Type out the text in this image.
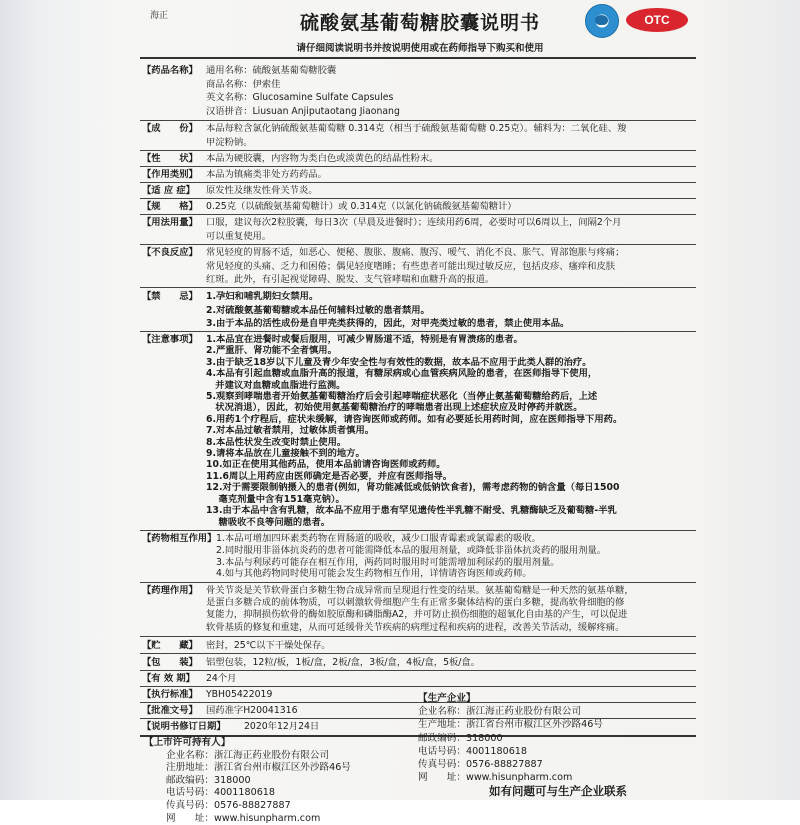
海正	硫酸氨基葡萄糖胶囊说明书	OTC
请仔细阅读说明书并按说明使用或在药师指导下购买和使用
【药品名称】 通用名称：硫酸氨基葡萄糖胶囊
商品名称：伊索佳
英文名称：Glucosamine Sulfate Capsules
汉语拼音：Liusuan Anjiputaotang Jiaonang
【成　　份】 本品每粒含氯化钠硫酸氨基葡萄糖 0.314克（相当于硫酸氨基葡萄糖 0.25克）。辅料为：二氧化硅、羧
甲淀粉钠。
【性　　状】 本品为硬胶囊，内容物为类白色或淡黄色的结晶性粉末。
【作用类别】 本品为镇痛类非处方药药品。
【适 应 症】	原发性及继发性骨关节炎。
【规　　格】 0.25克（以硫酸氨基葡萄糖计）或 0.314克（以氯化钠硫酸氨基葡萄糖计）
【用法用量】 口服，建议每次2粒胶囊，每日3次（早晨及进餐时）；连续用药6周，必要时可以6周以上，间隔2个月
可以重复使用。
【不良反应】 常见轻度的胃肠不适，如恶心、便秘、腹胀、腹痛、腹泻、嗳气、消化不良、胀气、胃部饱胀与疼痛；
常见轻度的头痛、乏力和困倦；偶见轻度嗜睡；有些患者可能出现过敏反应，包括皮疹、瘙痒和皮肤
红斑。此外，有引起视觉障碍、脱发、支气管哮喘和血糖升高的报道。
【禁　　忌】 1.孕妇和哺乳期妇女禁用。
2.对硫酸氨基葡萄糖或本品任何辅料过敏的患者禁用。
3.由于本品的活性成份是自甲壳类获得的，因此，对甲壳类过敏的患者，禁止使用本品。
【注意事项】 1.本品宜在进餐时或餐后服用，可减少胃肠道不适，特别是有胃溃疡的患者。
2.严重肝、肾功能不全者慎用。
3.由于缺乏18岁以下儿童及青少年安全性与有效性的数据，故本品不应用于此类人群的治疗。
4.本品有引起血糖或血脂升高的报道，有糖尿病或心血管疾病风险的患者，在医师指导下使用，
　并建议对血糖或血脂进行监测。
5.观察到哮喘患者开始氨基葡萄糖治疗后会引起哮喘症状恶化（当停止氨基葡萄糖给药后，上述
　状况消退），因此，初始使用氨基葡萄糖治疗的哮喘患者出现上述症状应及时停药并就医。
6.用药1个疗程后，症状未缓解，请咨询医师或药师。如有必要延长用药时间，应在医师指导下用药。
7.对本品过敏者禁用，过敏体质者慎用。
8.本品性状发生改变时禁止使用。
9.请将本品放在儿童接触不到的地方。
10.如正在使用其他药品，使用本品前请咨询医师或药师。
11.6周以上用药应由医师确定是否必要，并应有医师指导。
12.对于需要限制钠摄入的患者(例如，肾功能减低或低钠饮食者)，需考虑药物的钠含量（每日1500
　 毫克剂量中含有151毫克钠）。
13.由于本品中含有乳糖，故本品不应用于患有罕见遗传性半乳糖不耐受、乳糖酶缺乏及葡萄糖-半乳
　 糖吸收不良等问题的患者。
【药物相互作用】 1.本品可增加四环素类药物在胃肠道的吸收，减少口服青霉素或氯霉素的吸收。
2.同时服用非甾体抗炎药的患者可能需降低本品的服用剂量，或降低非甾体抗炎药的服用剂量。
3.本品与利尿药可能存在相互作用，两药同时服用时可能需增加利尿药的服用剂量。
4.如与其他药物同时使用可能会发生药物相互作用，详情请咨询医师或药师。
【药理作用】 骨关节炎是关节软骨蛋白多糖生物合成异常而呈现退行性变的结果。氨基葡萄糖是一种天然的氨基单糖，
是蛋白多糖合成的前体物质，可以刺激软骨细胞产生有正常多聚体结构的蛋白多糖，提高软骨细胞的修
复能力，抑制损伤软骨的酶如胶原酶和磷脂酶A2，并可防止损伤细胞的超氧化自由基的产生，可以促进
软骨基质的修复和重建，从而可延缓骨关节疾病的病理过程和疾病的进程，改善关节活动，缓解疼痛。
【贮　　藏】 密封，25℃以下干燥处保存。
【包　　装】 铝塑包装，12粒/板，1板/盒，2板/盒，3板/盒，4板/盒，5板/盒。
【有 效 期】	24个月
【执行标准】 YBH05422019
【批准文号】 国药准字H20041316
【说明书修订日期】 2020年12月24日
【上市许可持有人】
企业名称：浙江海正药业股份有限公司
注册地址：浙江省台州市椒江区外沙路46号
邮政编码：318000
电话号码：4001180618
传真号码：0576-88827887
网　　址：www.hisunpharm.com
【生产企业】
企业名称：浙江海正药业股份有限公司
生产地址：浙江省台州市椒江区外沙路46号
邮政编码：318000
电话号码：4001180618
传真号码：0576-88827887
网　　址：www.hisunpharm.com
如有问题可与生产企业联系
